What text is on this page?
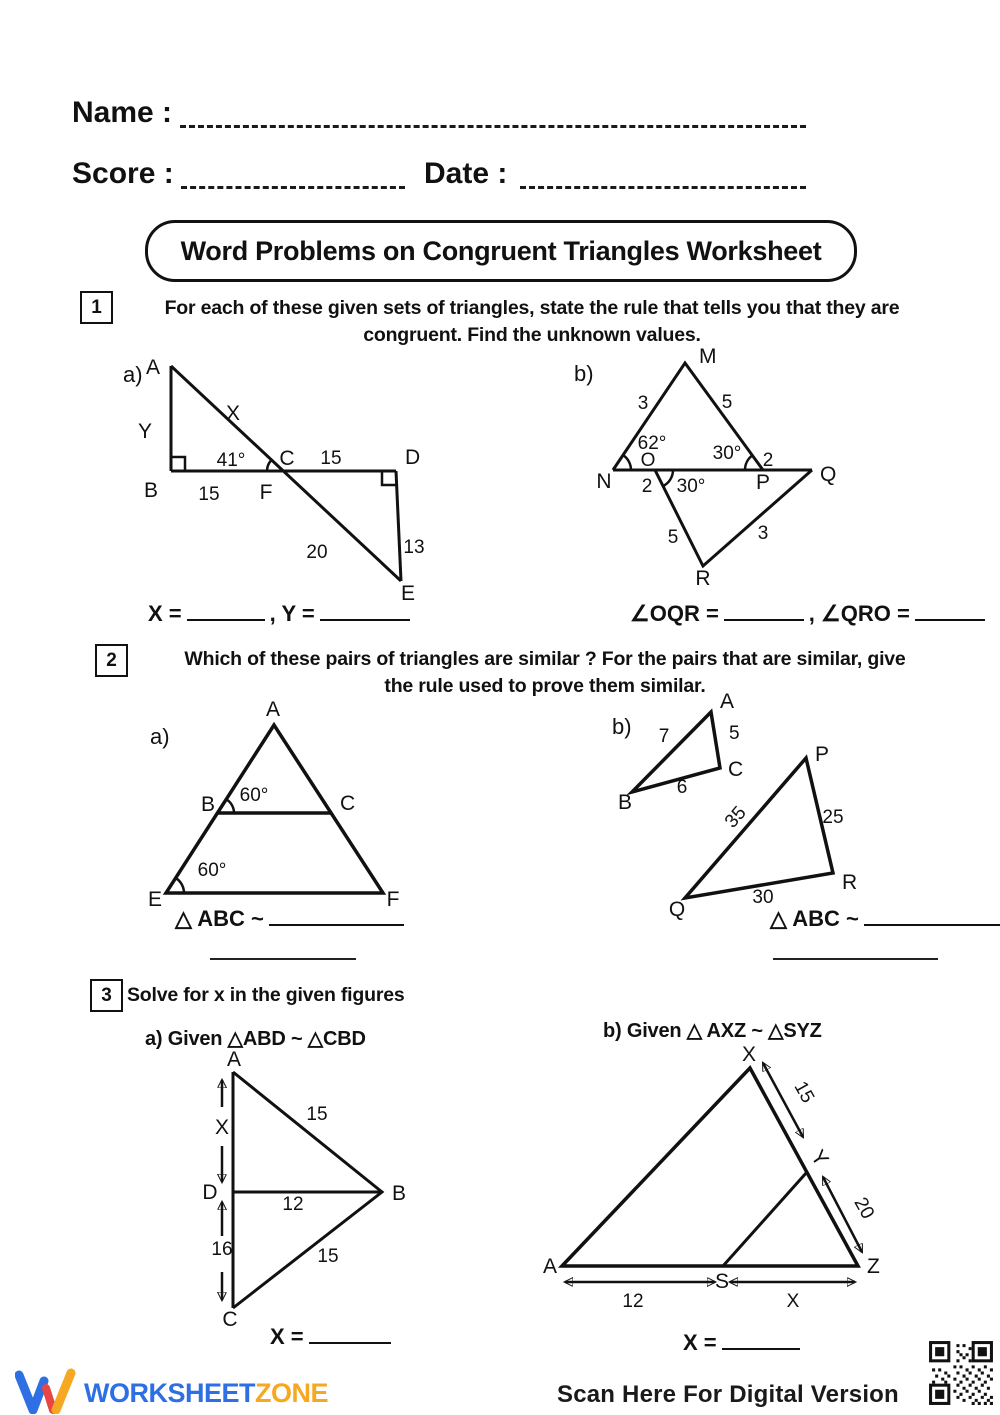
Name :
Score :	Date :
Word Problems on Congruent Triangles Worksheet
1	For each of these given sets of triangles, state the rule that tells you that they are
congruent. Find the unknown values.
a) A
X
Y
41° C 15	D
B 15 F
20	13
E
b)
M
3	5
62°
O	30° 2
N 2 30° P Q
5	3
R
X =	, Y =	∠OQR =	, ∠QRO =
2	Which of these pairs of triangles are similar ? For the pairs that are similar, give
the rule used to prove them similar.
a)
A
B 60°	C
60°
E	F
b)
A
7	5
C
6
B
P
35	25
R
30
Q
△ ABC ~	△ ABC ~
3 Solve for x in the given figures
a) Given △ABD ~ △CBD	b) Given △ AXZ ~ △SYZ
A
X
15
D
12	B
16	15
C
X
15
Y
20
A	Z
S
12	X
X =	X =
WORKSHEETZONE	Scan Here For Digital Version
